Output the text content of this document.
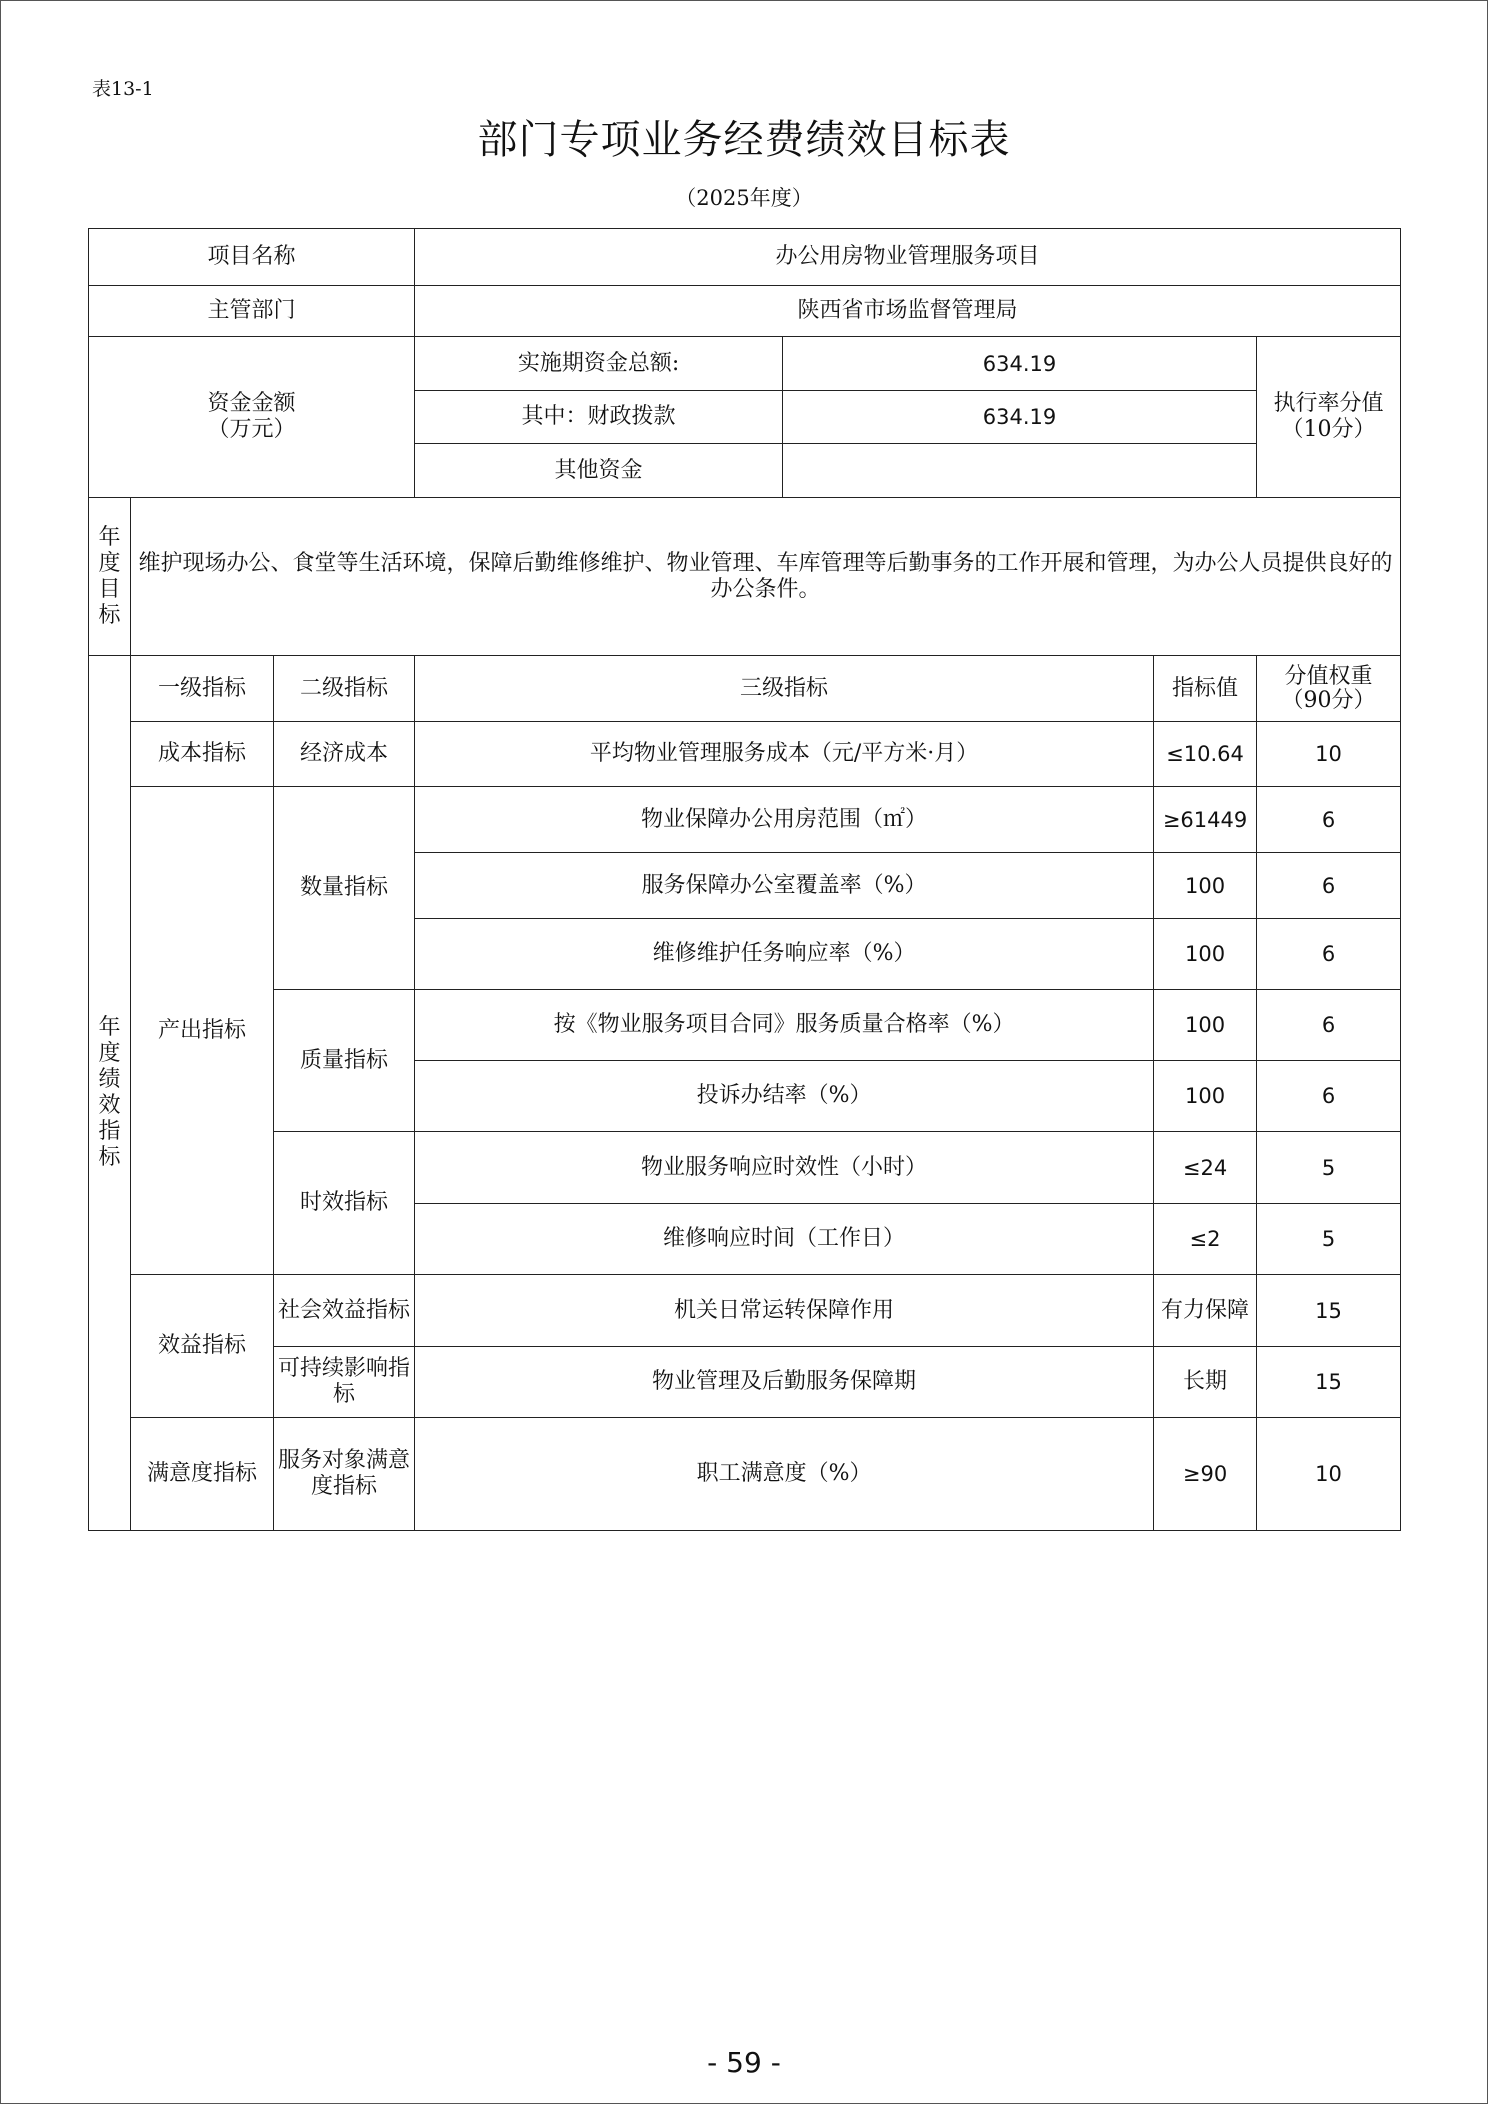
表13-1
部门专项业务经费绩效目标表
（2025年度）
项目名称			办公用房物业管理服务项目			
主管部门			陕西省市场监督管理局			
资金金额
（万元）			实施期资金总额:	634.19		执行率分值
（10分）
			其中：财政拨款	634.19		
			其他资金			

年度目标	维护现场办公、食堂等生活环境，保障后勤维修维护、物业管理、车库管理等后勤事务的工作开展和管理，为办公人员提供良好的办公条件。					

年度绩效指标	一级指标	二级指标	三级指标		指标值	分值权重
（90分）
	成本指标	经济成本	平均物业管理服务成本（元/平方米·月）		≤10.64	10
	产出指标	数量指标	物业保障办公用房范围（㎡）		≥61449	6
			服务保障办公室覆盖率（%）		100	6
			维修维护任务响应率（%）		100	6
		质量指标	按《物业服务项目合同》服务质量合格率（%）		100	6
			投诉办结率（%）		100	6
		时效指标	物业服务响应时效性（小时）		≤24	5
			维修响应时间（工作日）		≤2	5
	效益指标	社会效益指标	机关日常运转保障作用		有力保障	15
		可持续影响指标	物业管理及后勤服务保障期		长期	15
	满意度指标	服务对象满意度指标	职工满意度（%）		≥90	10
- 59 -
